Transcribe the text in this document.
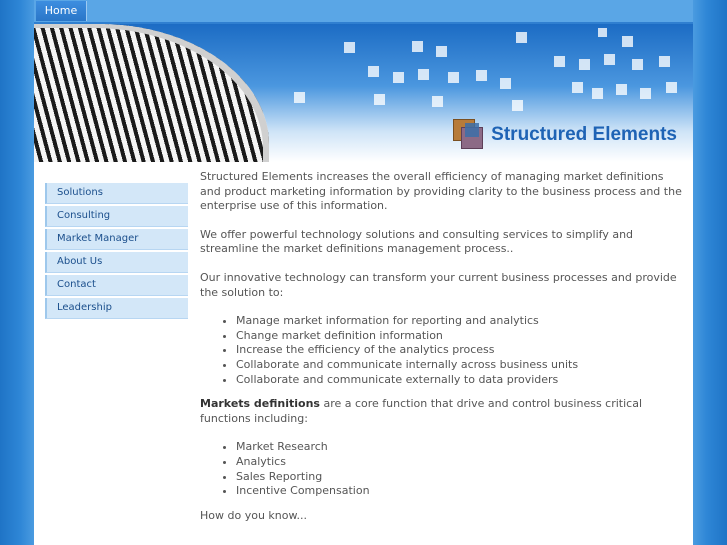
Home
Structured Elements
Solutions
Consulting
Market Manager
About Us
Contact
Leadership

Structured Elements increases the overall efficiency of managing market definitions and product marketing information by providing clarity to the business process and the enterprise use of this information.

We offer powerful technology solutions and consulting services to simplify and streamline the market definitions management process..

Our innovative technology can transform your current business processes and provide the solution to:

• Manage market information for reporting and analytics
• Change market definition information
• Increase the efficiency of the analytics process
• Collaborate and communicate internally across business units
• Collaborate and communicate externally to data providers

Markets definitions are a core function that drive and control business critical functions including:

• Market Research
• Analytics
• Sales Reporting
• Incentive Compensation

How do you know...
